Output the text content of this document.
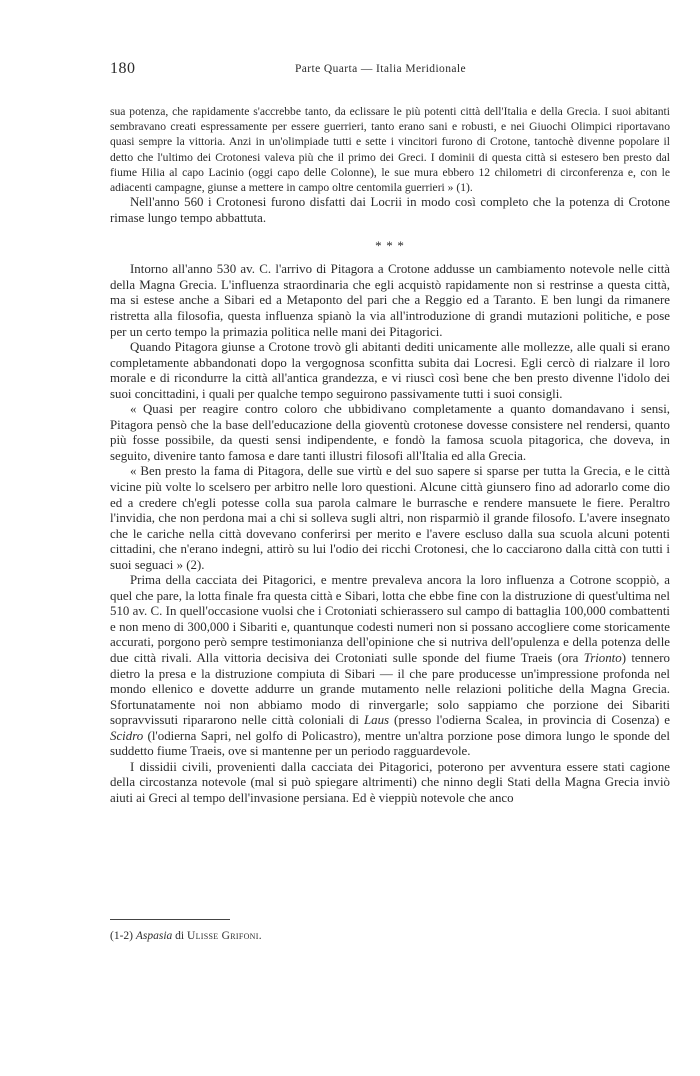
180	Parte Quarta — Italia Meridionale

sua potenza, che rapidamente s'accrebbe tanto, da eclissare le più potenti città dell'Italia e della Grecia. I suoi abitanti sembravano creati espressamente per essere guerrieri, tanto erano sani e robusti, e nei Giuochi Olimpici riportavano quasi sempre la vittoria. Anzi in un'olimpiade tutti e sette i vincitori furono di Crotone, tantochè divenne popolare il detto che l'ultimo dei Crotonesi valeva più che il primo dei Greci. I dominii di questa città si estesero ben presto dal fiume Hilia al capo Lacinio (oggi capo delle Colonne), le sue mura ebbero 12 chilometri di circonferenza e, con le adiacenti campagne, giunse a mettere in campo oltre centomila guerrieri » (1).

Nell'anno 560 i Crotonesi furono disfatti dai Locrii in modo così completo che la potenza di Crotone rimase lungo tempo abbattuta.

* * *

Intorno all'anno 530 av. C. l'arrivo di Pitagora a Crotone addusse un cambiamento notevole nelle città della Magna Grecia. L'influenza straordinaria che egli acquistò rapidamente non si restrinse a questa città, ma si estese anche a Sibari ed a Metaponto del pari che a Reggio ed a Taranto. E ben lungi da rimanere ristretta alla filosofia, questa influenza spianò la via all'introduzione di grandi mutazioni politiche, e pose per un certo tempo la primazia politica nelle mani dei Pitagorici.

Quando Pitagora giunse a Crotone trovò gli abitanti dediti unicamente alle mollezze, alle quali si erano completamente abbandonati dopo la vergognosa sconfitta subita dai Locresi. Egli cercò di rialzare il loro morale e di ricondurre la città all'antica grandezza, e vi riuscì così bene che ben presto divenne l'idolo dei suoi concittadini, i quali per qualche tempo seguirono passivamente tutti i suoi consigli.

« Quasi per reagire contro coloro che ubbidivano completamente a quanto domandavano i sensi, Pitagora pensò che la base dell'educazione della gioventù crotonese dovesse consistere nel rendersi, quanto più fosse possibile, da questi sensi indipendente, e fondò la famosa scuola pitagorica, che doveva, in seguito, divenire tanto famosa e dare tanti illustri filosofi all'Italia ed alla Grecia.

« Ben presto la fama di Pitagora, delle sue virtù e del suo sapere si sparse per tutta la Grecia, e le città vicine più volte lo scelsero per arbitro nelle loro questioni. Alcune città giunsero fino ad adorarlo come dio ed a credere ch'egli potesse colla sua parola calmare le burrasche e rendere mansuete le fiere. Peraltro l'invidia, che non perdona mai a chi si solleva sugli altri, non risparmiò il grande filosofo. L'avere insegnato che le cariche nella città dovevano conferirsi per merito e l'avere escluso dalla sua scuola alcuni potenti cittadini, che n'erano indegni, attirò su lui l'odio dei ricchi Crotonesi, che lo cacciarono dalla città con tutti i suoi seguaci » (2).

Prima della cacciata dei Pitagorici, e mentre prevaleva ancora la loro influenza a Cotrone scoppiò, a quel che pare, la lotta finale fra questa città e Sibari, lotta che ebbe fine con la distruzione di quest'ultima nel 510 av. C. In quell'occasione vuolsi che i Crotoniati schierassero sul campo di battaglia 100,000 combattenti e non meno di 300,000 i Sibariti e, quantunque codesti numeri non si possano accogliere come storicamente accurati, porgono però sempre testimonianza dell'opinione che si nutriva dell'opulenza e della potenza delle due città rivali. Alla vittoria decisiva dei Crotoniati sulle sponde del fiume Traeis (ora Trionto) tennero dietro la presa e la distruzione compiuta di Sibari — il che pare producesse un'impressione profonda nel mondo ellenico e dovette addurre un grande mutamento nelle relazioni politiche della Magna Grecia. Sfortunatamente noi non abbiamo modo di rinvergarle; solo sappiamo che porzione dei Sibariti sopravvissuti ripararono nelle città coloniali di Laus (presso l'odierna Scalea, in provincia di Cosenza) e Scidro (l'odierna Sapri, nel golfo di Policastro), mentre un'altra porzione pose dimora lungo le sponde del suddetto fiume Traeis, ove si mantenne per un periodo ragguardevole.

I dissidii civili, provenienti dalla cacciata dei Pitagorici, poterono per avventura essere stati cagione della circostanza notevole (mal si può spiegare altrimenti) che ninno degli Stati della Magna Grecia inviò aiuti ai Greci al tempo dell'invasione persiana. Ed è vieppiù notevole che anco

(1-2) Aspasia di Ulisse Grifoni.
